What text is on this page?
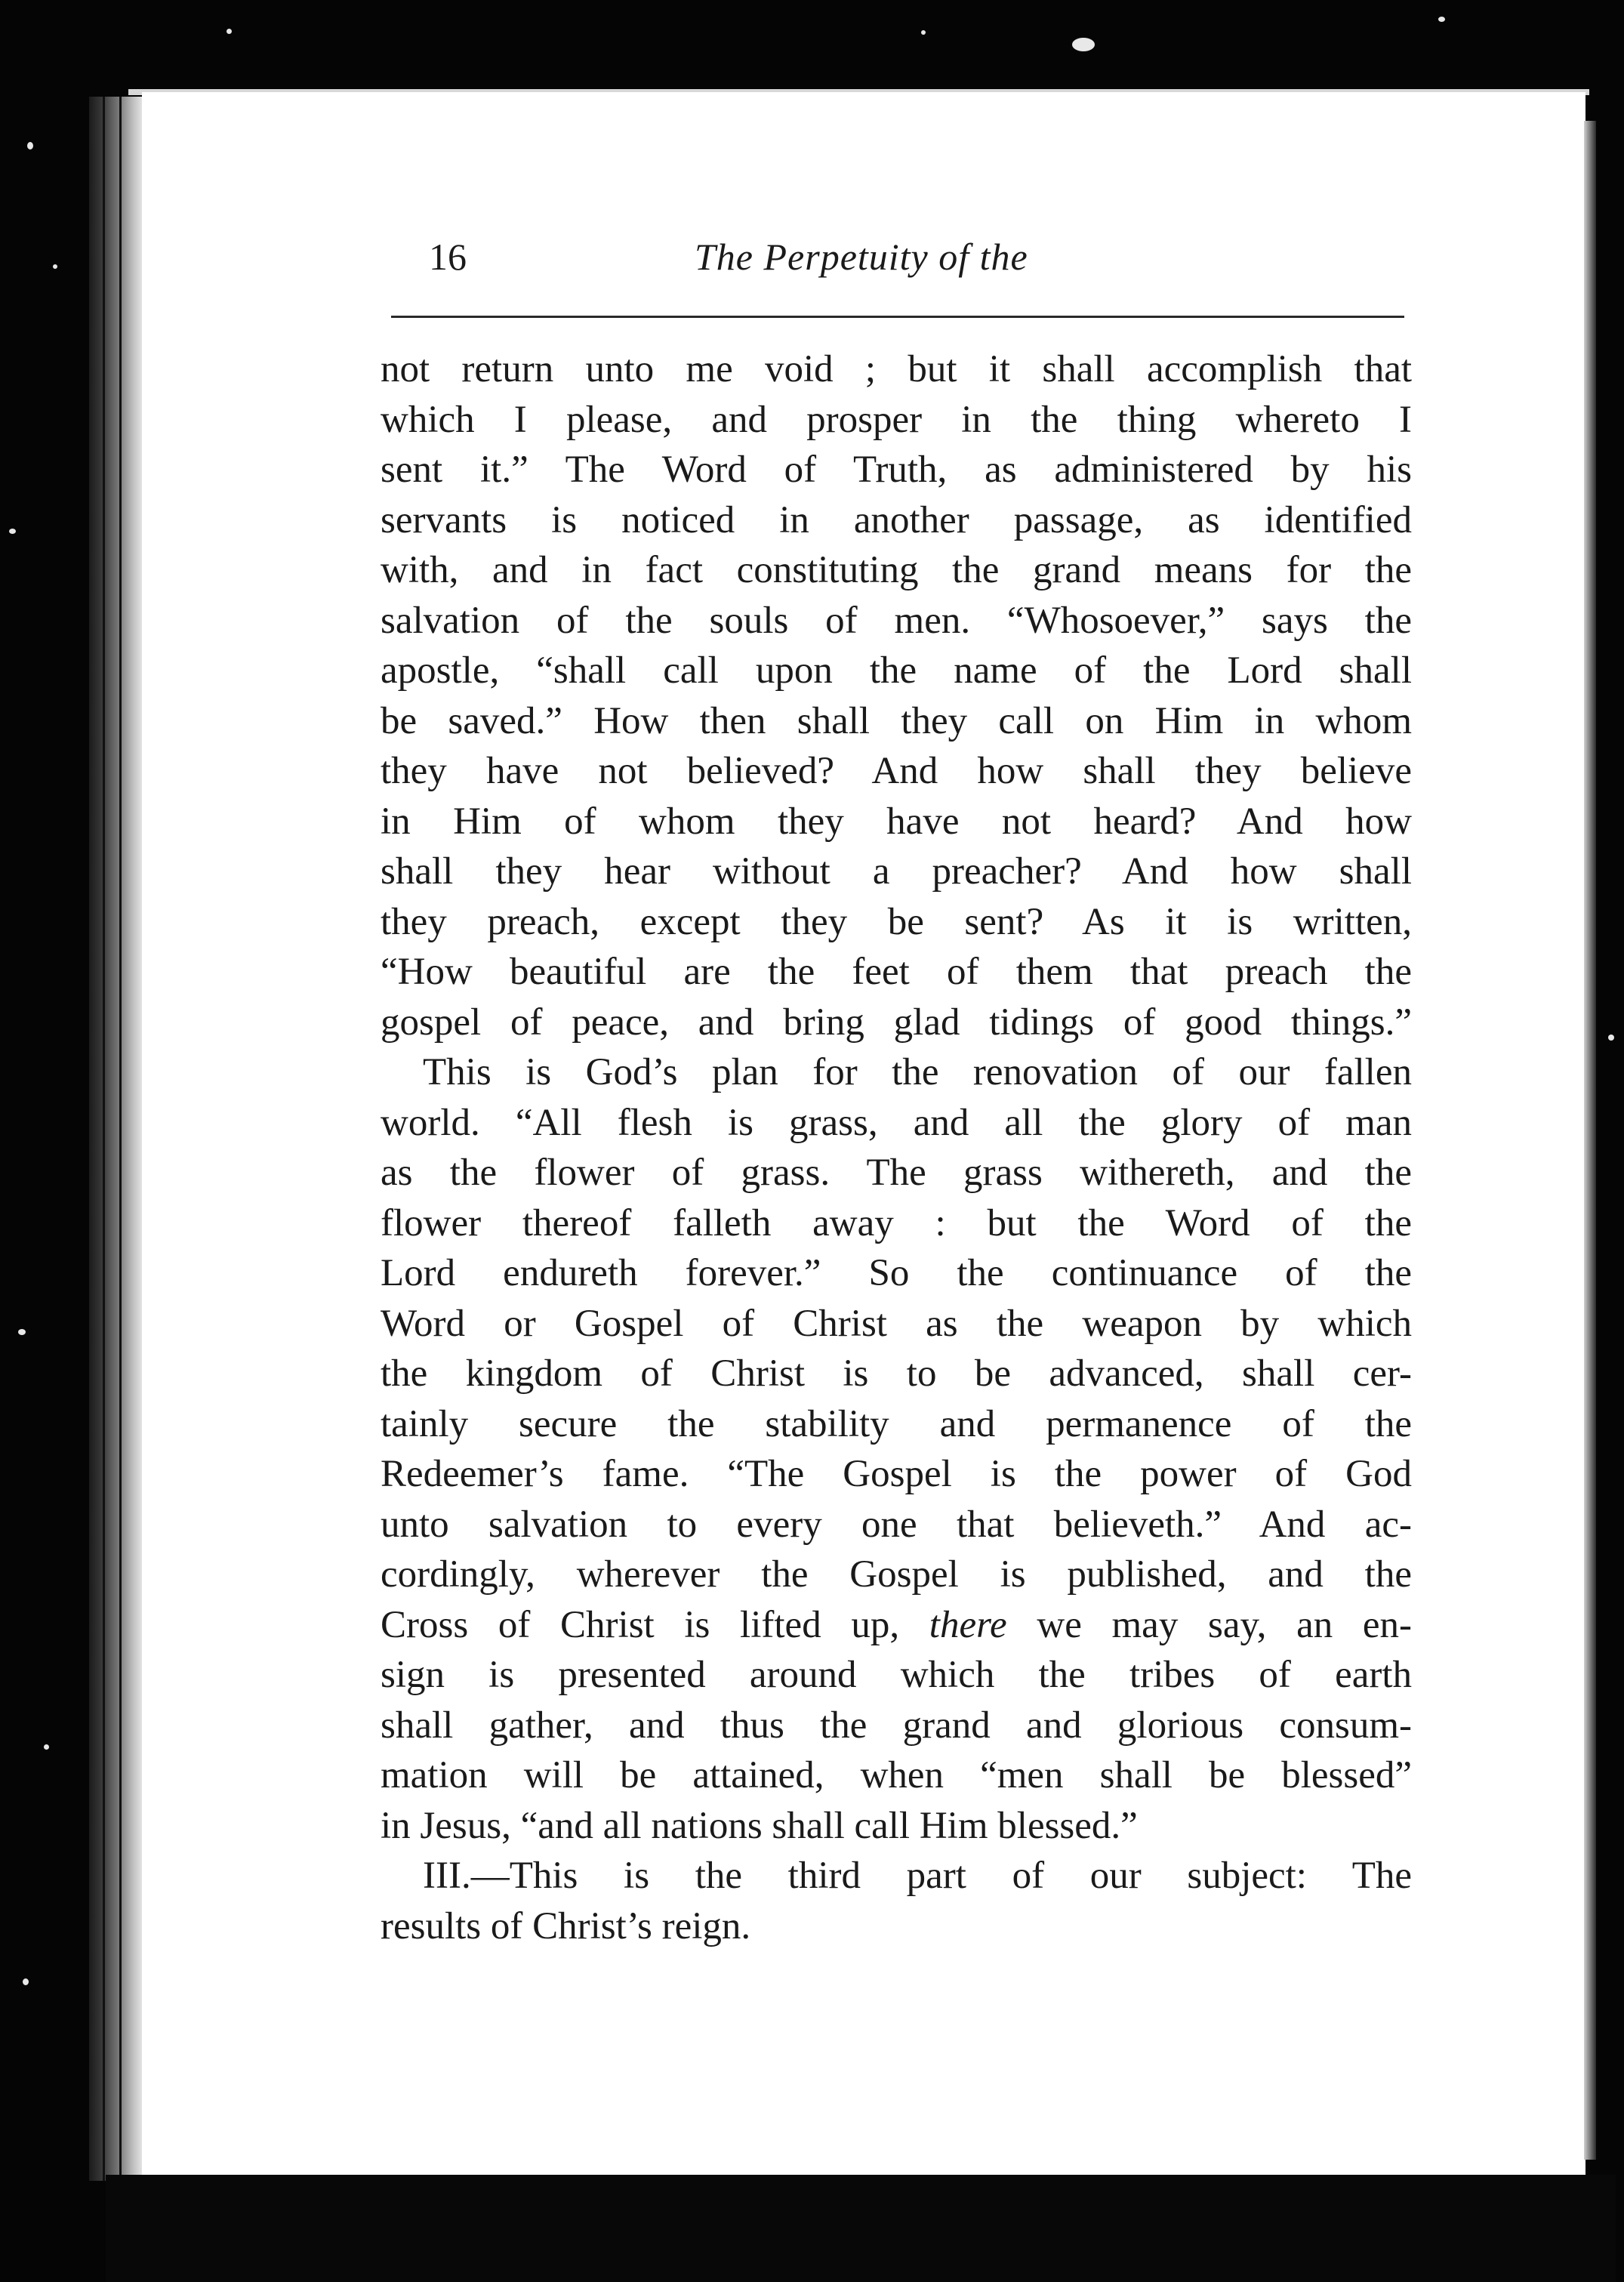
16	The Perpetuity of the

not return unto me void ; but it shall accomplish that

which I please, and prosper in the thing whereto I

sent it.” The Word of Truth, as administered by his

servants is noticed in another passage, as identified

with, and in fact constituting the grand means for the

salvation of the souls of men. “Whosoever,” says the

apostle, “shall call upon the name of the Lord shall

be saved.” How then shall they call on Him in whom

they have not believed? And how shall they believe

in Him of whom they have not heard? And how

shall they hear without a preacher? And how shall

they preach, except they be sent? As it is written,

“How beautiful are the feet of them that preach the

gospel of peace, and bring glad tidings of good things.”

This is God’s plan for the renovation of our fallen

world. “All flesh is grass, and all the glory of man

as the flower of grass. The grass withereth, and the

flower thereof falleth away : but the Word of the

Lord endureth forever.” So the continuance of the

Word or Gospel of Christ as the weapon by which

the kingdom of Christ is to be advanced, shall cer-

tainly secure the stability and permanence of the

Redeemer’s fame. “The Gospel is the power of God

unto salvation to every one that believeth.” And ac-

cordingly, wherever the Gospel is published, and the

Cross of Christ is lifted up, there we may say, an en-

sign is presented around which the tribes of earth

shall gather, and thus the grand and glorious consum-

mation will be attained, when “men shall be blessed”

in Jesus, “and all nations shall call Him blessed.”

III.—This is the third part of our subject: The

results of Christ’s reign.
